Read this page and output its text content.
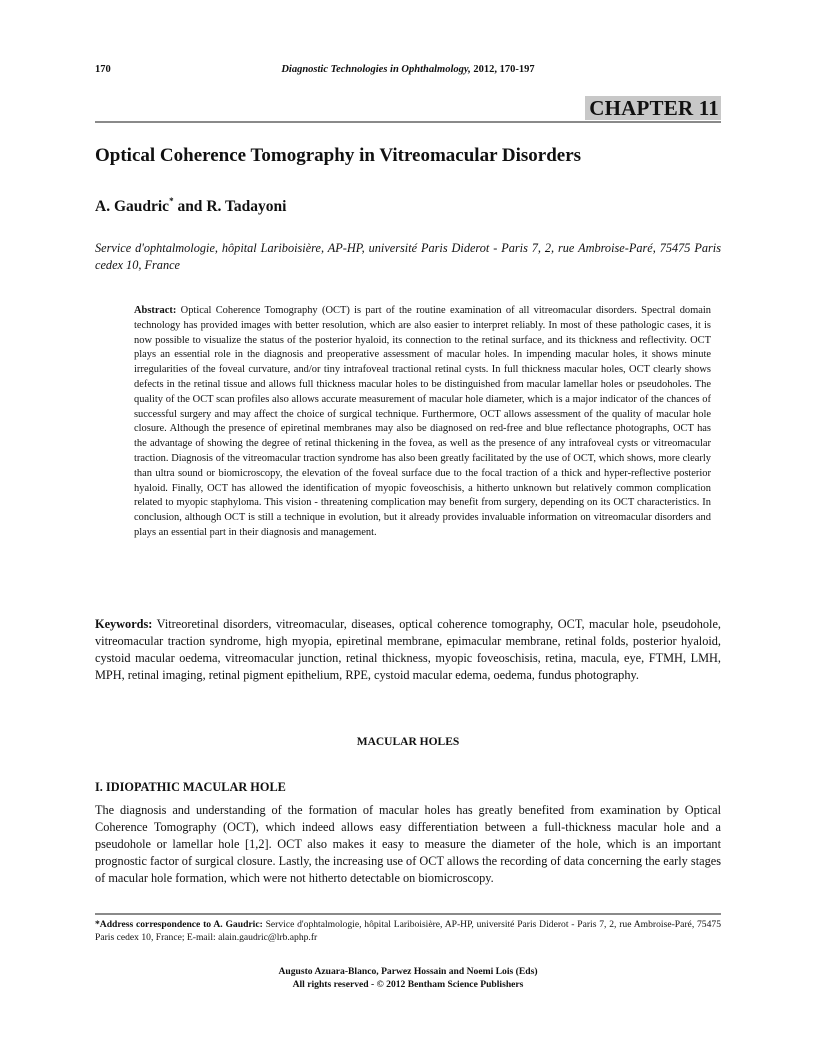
170	Diagnostic Technologies in Ophthalmology, 2012, 170-197
CHAPTER 11
Optical Coherence Tomography in Vitreomacular Disorders
A. Gaudric* and R. Tadayoni
Service d'ophtalmologie, hôpital Lariboisière, AP-HP, université Paris Diderot - Paris 7, 2, rue Ambroise-Paré, 75475 Paris cedex 10, France
Abstract: Optical Coherence Tomography (OCT) is part of the routine examination of all vitreomacular disorders. Spectral domain technology has provided images with better resolution, which are also easier to interpret reliably. In most of these pathologic cases, it is now possible to visualize the status of the posterior hyaloid, its connection to the retinal surface, and its thickness and reflectivity. OCT plays an essential role in the diagnosis and preoperative assessment of macular holes. In impending macular holes, it shows minute irregularities of the foveal curvature, and/or tiny intrafoveal tractional retinal cysts. In full thickness macular holes, OCT clearly shows defects in the retinal tissue and allows full thickness macular holes to be distinguished from macular lamellar holes or pseudoholes. The quality of the OCT scan profiles also allows accurate measurement of macular hole diameter, which is a major indicator of the chances of successful surgery and may affect the choice of surgical technique. Furthermore, OCT allows assessment of the quality of macular hole closure. Although the presence of epiretinal membranes may also be diagnosed on red-free and blue reflectance photographs, OCT has the advantage of showing the degree of retinal thickening in the fovea, as well as the presence of any intrafoveal cysts or vitreomacular traction. Diagnosis of the vitreomacular traction syndrome has also been greatly facilitated by the use of OCT, which shows, more clearly than ultra sound or biomicroscopy, the elevation of the foveal surface due to the focal traction of a thick and hyper-reflective posterior hyaloid. Finally, OCT has allowed the identification of myopic foveoschisis, a hitherto unknown but relatively common complication related to myopic staphyloma. This vision - threatening complication may benefit from surgery, depending on its OCT characteristics. In conclusion, although OCT is still a technique in evolution, but it already provides invaluable information on vitreomacular disorders and plays an essential part in their diagnosis and management.
Keywords: Vitreoretinal disorders, vitreomacular, diseases, optical coherence tomography, OCT, macular hole, pseudohole, vitreomacular traction syndrome, high myopia, epiretinal membrane, epimacular membrane, retinal folds, posterior hyaloid, cystoid macular oedema, vitreomacular junction, retinal thickness, myopic foveoschisis, retina, macula, eye, FTMH, LMH, MPH, retinal imaging, retinal pigment epithelium, RPE, cystoid macular edema, oedema, fundus photography.
MACULAR HOLES
I. IDIOPATHIC MACULAR HOLE
The diagnosis and understanding of the formation of macular holes has greatly benefited from examination by Optical Coherence Tomography (OCT), which indeed allows easy differentiation between a full-thickness macular hole and a pseudohole or lamellar hole [1,2]. OCT also makes it easy to measure the diameter of the hole, which is an important prognostic factor of surgical closure. Lastly, the increasing use of OCT allows the recording of data concerning the early stages of macular hole formation, which were not hitherto detectable on biomicroscopy.
*Address correspondence to A. Gaudric: Service d'ophtalmologie, hôpital Lariboisière, AP-HP, université Paris Diderot - Paris 7, 2, rue Ambroise-Paré, 75475 Paris cedex 10, France; E-mail: alain.gaudric@lrb.aphp.fr
Augusto Azuara-Blanco, Parwez Hossain and Noemi Lois (Eds)
All rights reserved - © 2012 Bentham Science Publishers
